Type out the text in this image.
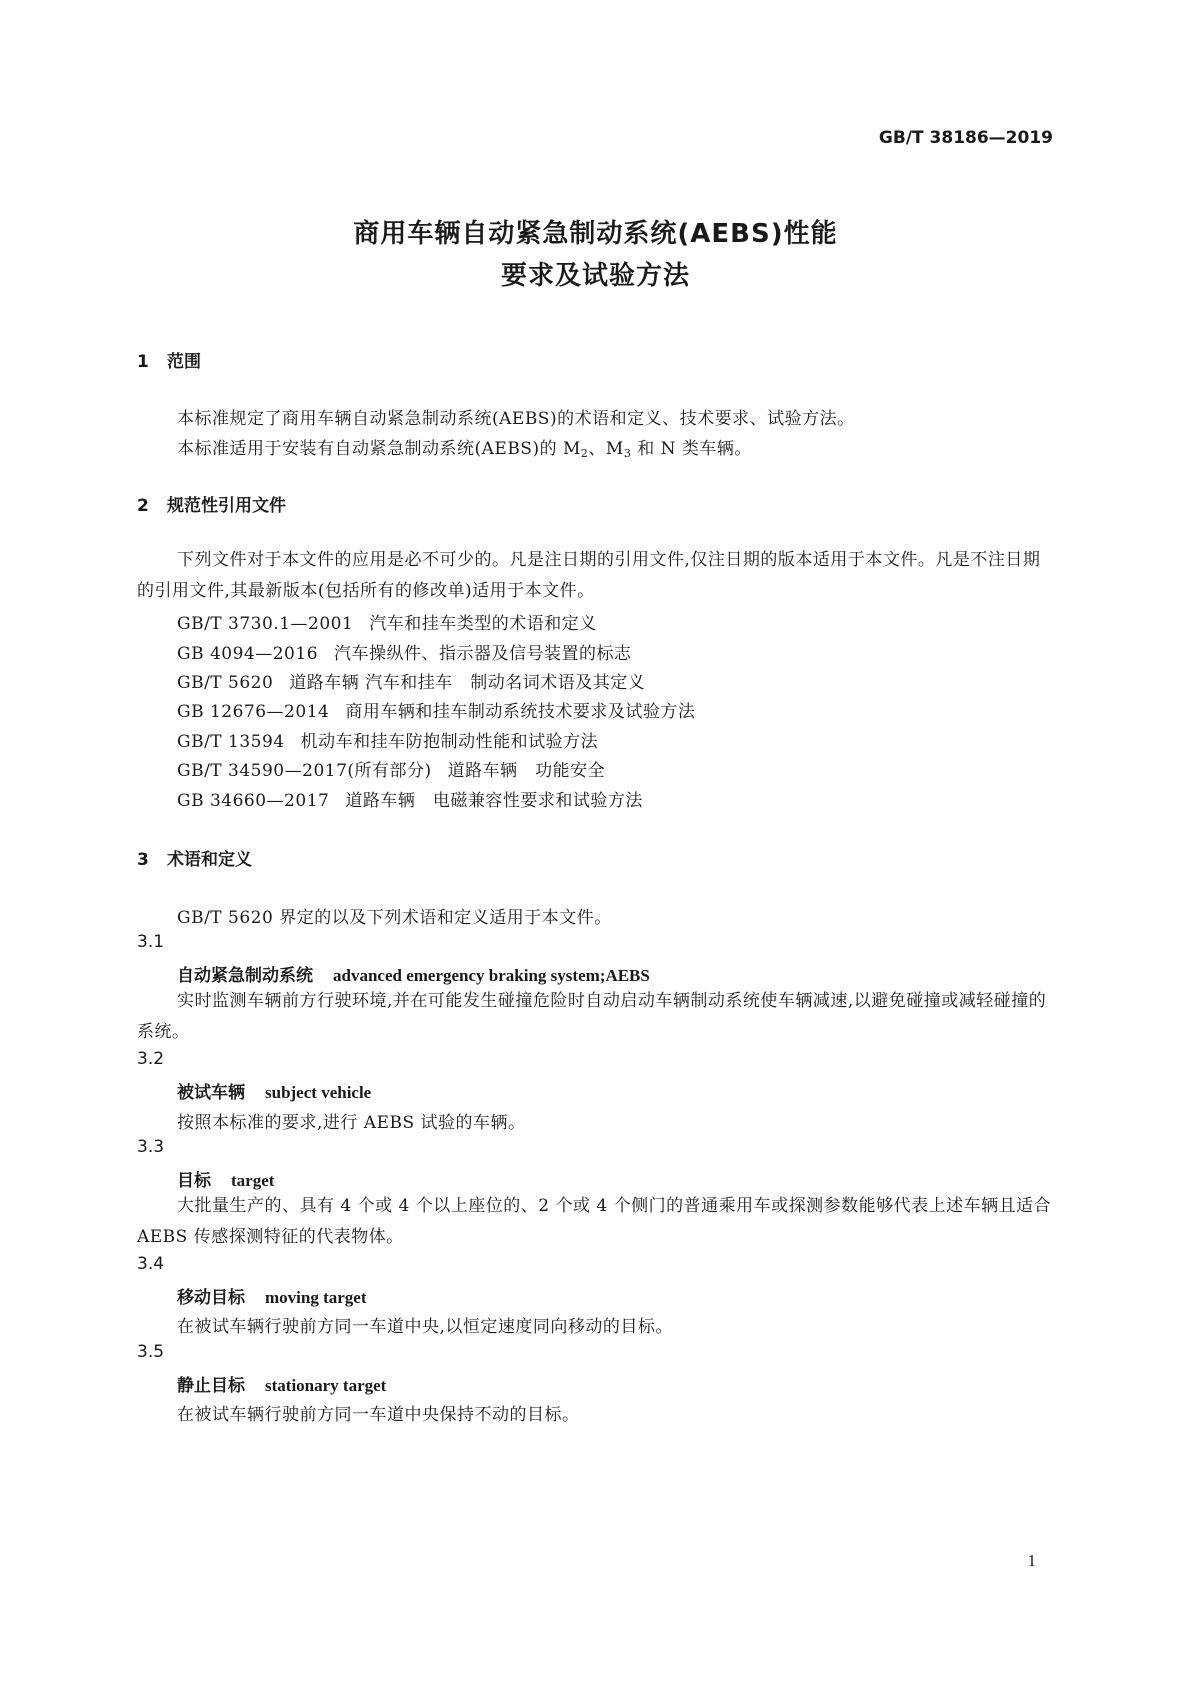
GB/T 38186—2019
商用车辆自动紧急制动系统(AEBS)性能
要求及试验方法
1 范围
本标准规定了商用车辆自动紧急制动系统(AEBS)的术语和定义、技术要求、试验方法。
本标准适用于安装有自动紧急制动系统(AEBS)的 $M_2$、$M_3$ 和 N 类车辆。
2 规范性引用文件
下列文件对于本文件的应用是必不可少的。凡是注日期的引用文件,仅注日期的版本适用于本文件。凡是不注日期的引用文件,其最新版本(包括所有的修改单)适用于本文件。
GB/T 3730.1—2001 汽车和挂车类型的术语和定义
GB 4094—2016 汽车操纵件、指示器及信号装置的标志
GB/T 5620 道路车辆 汽车和挂车　制动名词术语及其定义
GB 12676—2014 商用车辆和挂车制动系统技术要求及试验方法
GB/T 13594 机动车和挂车防抱制动性能和试验方法
GB/T 34590—2017(所有部分) 道路车辆　功能安全
GB 34660—2017 道路车辆　电磁兼容性要求和试验方法
3 术语和定义
GB/T 5620 界定的以及下列术语和定义适用于本文件。
3.1
自动紧急制动系统 advanced emergency braking system;AEBS
实时监测车辆前方行驶环境,并在可能发生碰撞危险时自动启动车辆制动系统使车辆减速,以避免碰撞或减轻碰撞的系统。
3.2
被试车辆 subject vehicle
按照本标准的要求,进行 AEBS 试验的车辆。
3.3
目标 target
大批量生产的、具有 4 个或 4 个以上座位的、2 个或 4 个侧门的普通乘用车或探测参数能够代表上述车辆且适合 AEBS 传感探测特征的代表物体。
3.4
移动目标 moving target
在被试车辆行驶前方同一车道中央,以恒定速度同向移动的目标。
3.5
静止目标 stationary target
在被试车辆行驶前方同一车道中央保持不动的目标。
1
